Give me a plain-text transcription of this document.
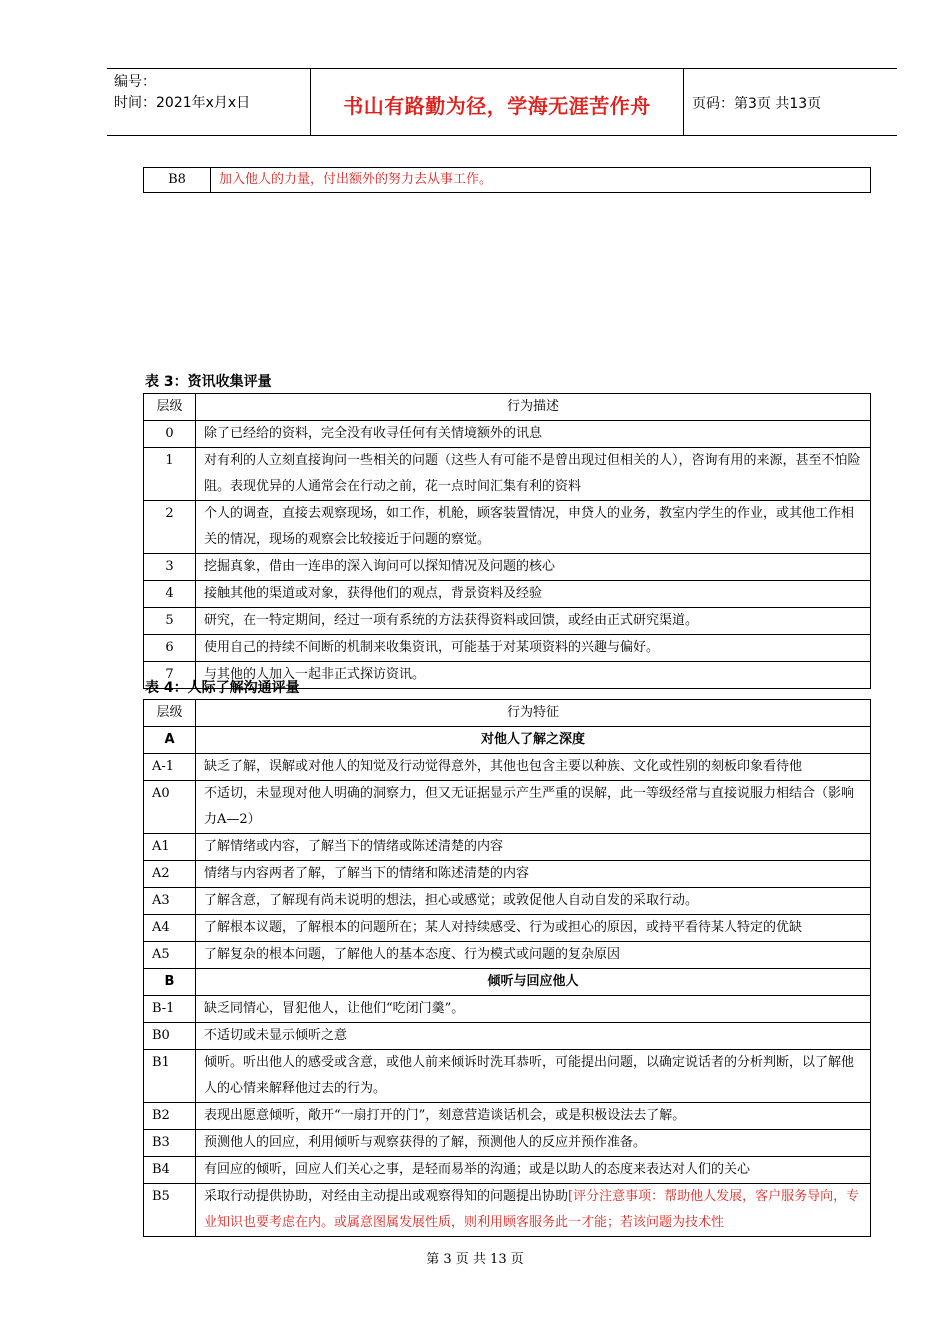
编号：
时间：2021年x月x日	书山有路勤为径，学海无涯苦作舟	页码：第3页 共13页
B8	加入他人的力量，付出额外的努力去从事工作。
表 3：资讯收集评量
层级	行为描述
0	除了已经给的资料，完全没有收寻任何有关情境额外的讯息
1	对有利的人立刻直接询问一些相关的问题（这些人有可能不是曾出现过但相关的人），咨询有用的来源，甚至不怕险阻。表现优异的人通常会在行动之前，花一点时间汇集有利的资料
2	个人的调查，直接去观察现场，如工作，机舱，顾客装置情况，申贷人的业务，教室内学生的作业，或其他工作相关的情况，现场的观察会比较接近于问题的察觉。
3	挖掘真象，借由一连串的深入询问可以探知情况及问题的核心
4	接触其他的渠道或对象，获得他们的观点，背景资料及经验
5	研究，在一特定期间，经过一项有系统的方法获得资料或回馈，或经由正式研究渠道。
6	使用自己的持续不间断的机制来收集资讯，可能基于对某项资料的兴趣与偏好。
7	与其他的人加入一起非正式探访资讯。
表 4：人际了解沟通评量
层级	行为特征
A	对他人了解之深度
A-1	缺乏了解，误解或对他人的知觉及行动觉得意外，其他也包含主要以种族、文化或性别的刻板印象看待他
A0	不适切，未显现对他人明确的洞察力，但又无证据显示产生严重的误解，此一等级经常与直接说服力相结合（影响力A—2）
A1	了解情绪或内容，了解当下的情绪或陈述清楚的内容
A2	情绪与内容两者了解，了解当下的情绪和陈述清楚的内容
A3	了解含意，了解现有尚未说明的想法，担心或感觉；或敦促他人自动自发的采取行动。
A4	了解根本议题，了解根本的问题所在；某人对持续感受、行为或担心的原因，或持平看待某人特定的优缺
A5	了解复杂的根本问题，了解他人的基本态度、行为模式或问题的复杂原因
B	倾听与回应他人
B-1	缺乏同情心，冒犯他人，让他们“吃闭门羹”。
B0	不适切或未显示倾听之意
B1	倾听。听出他人的感受或含意，或他人前来倾诉时洗耳恭听，可能提出问题，以确定说话者的分析判断，以了解他人的心情来解释他过去的行为。
B2	表现出愿意倾听，敞开“一扇打开的门”，刻意营造谈话机会，或是积极设法去了解。
B3	预测他人的回应，利用倾听与观察获得的了解，预测他人的反应并预作准备。
B4	有回应的倾听，回应人们关心之事，是轻而易举的沟通；或是以助人的态度来表达对人们的关心
B5	采取行动提供协助，对经由主动提出或观察得知的问题提出协助[评分注意事项：帮助他人发展，客户服务导向，专业知识也要考虑在内。或属意图属发展性质，则利用顾客服务此一才能；若该问题为技术性
第 3 页 共 13 页
